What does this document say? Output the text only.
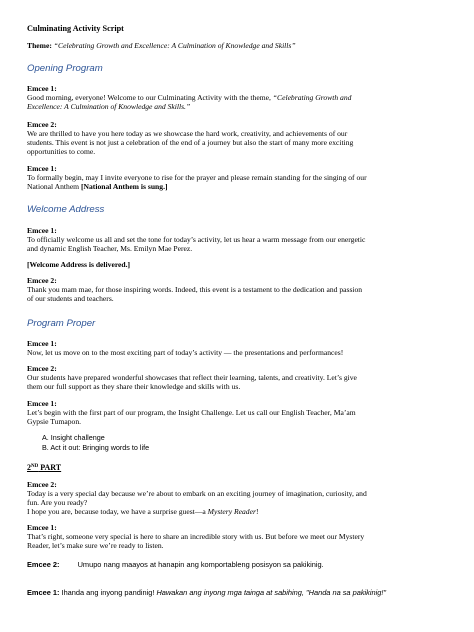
Culminating Activity Script
Theme: “Celebrating Growth and Excellence: A Culmination of Knowledge and Skills”
Opening Program
Emcee 1:
Good morning, everyone! Welcome to our Culminating Activity with the theme, “Celebrating Growth and
Excellence: A Culmination of Knowledge and Skills.”
Emcee 2:
We are thrilled to have you here today as we showcase the hard work, creativity, and achievements of our
students. This event is not just a celebration of the end of a journey but also the start of many more exciting
opportunities to come.
Emcee 1:
To formally begin, may I invite everyone to rise for the prayer and please remain standing for the singing of our
National Anthem [National Anthem is sung.]
Welcome Address
Emcee 1:
To officially welcome us all and set the tone for today’s activity, let us hear a warm message from our energetic
and dynamic English Teacher, Ms. Emilyn Mae Perez.
[Welcome Address is delivered.]
Emcee 2:
Thank you mam mae, for those inspiring words. Indeed, this event is a testament to the dedication and passion
of our students and teachers.
Program Proper
Emcee 1:
Now, let us move on to the most exciting part of today’s activity — the presentations and performances!
Emcee 2:
Our students have prepared wonderful showcases that reflect their learning, talents, and creativity. Let’s give
them our full support as they share their knowledge and skills with us.
Emcee 1:
Let’s begin with the first part of our program, the Insight Challenge. Let us call our English Teacher, Ma’am
Gypsie Tumapon.
A. Insight challenge
B. Act it out: Bringing words to life
2ND PART
Emcee 2:
Today is a very special day because we’re about to embark on an exciting journey of imagination, curiosity, and
fun. Are you ready?
I hope you are, because today, we have a surprise guest—a Mystery Reader!
Emcee 1:
That’s right, someone very special is here to share an incredible story with us. But before we meet our Mystery
Reader, let’s make sure we’re ready to listen.
Emcee 2: Umupo nang maayos at hanapin ang komportableng posisyon sa pakikinig.
Emcee 1: Ihanda ang inyong pandinig! Hawakan ang inyong mga tainga at sabihing, "Handa na sa pakikinig!"
